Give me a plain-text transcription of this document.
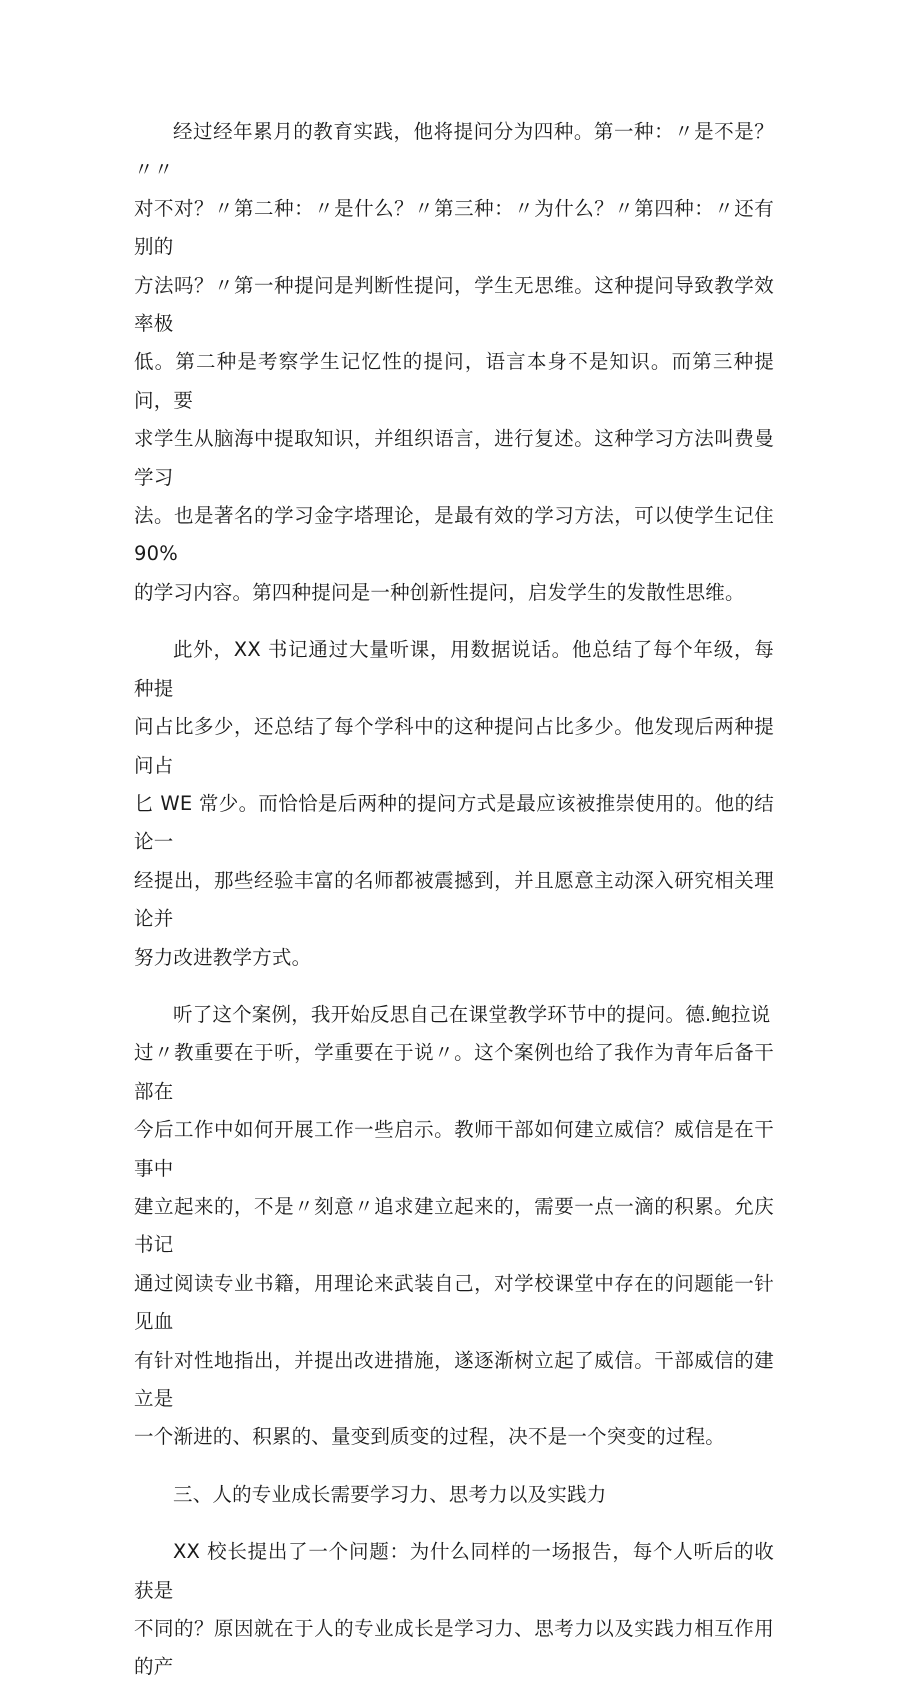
经过经年累月的教育实践，他将提问分为四种。第一种：〃是不是？〃〃
对不对？〃第二种：〃是什么？〃第三种：〃为什么？〃第四种：〃还有别的
方法吗？〃第一种提问是判断性提问，学生无思维。这种提问导致教学效率极
低。第二种是考察学生记忆性的提问，语言本身不是知识。而第三种提问，要
求学生从脑海中提取知识，并组织语言，进行复述。这种学习方法叫费曼学习
法。也是著名的学习金字塔理论，是最有效的学习方法，可以使学生记住 90%
的学习内容。第四种提问是一种创新性提问，启发学生的发散性思维。

此外，XX 书记通过大量听课，用数据说话。他总结了每个年级，每种提
问占比多少，还总结了每个学科中的这种提问占比多少。他发现后两种提问占
匕 WE 常少。而恰恰是后两种的提问方式是最应该被推崇使用的。他的结论一
经提出，那些经验丰富的名师都被震撼到，并且愿意主动深入研究相关理论并
努力改进教学方式。

听了这个案例，我开始反思自己在课堂教学环节中的提问。德.鲍拉说
过〃教重要在于听，学重要在于说〃。这个案例也给了我作为青年后备干部在
今后工作中如何开展工作一些启示。教师干部如何建立威信？威信是在干事中
建立起来的，不是〃刻意〃追求建立起来的，需要一点一滴的积累。允庆书记
通过阅读专业书籍，用理论来武装自己，对学校课堂中存在的问题能一针见血
有针对性地指出，并提出改进措施，遂逐渐树立起了威信。干部威信的建立是
一个渐进的、积累的、量变到质变的过程，决不是一个突变的过程。

三、人的专业成长需要学习力、思考力以及实践力

XX 校长提出了一个问题：为什么同样的一场报告，每个人听后的收获是
不同的？原因就在于人的专业成长是学习力、思考力以及实践力相互作用的产
